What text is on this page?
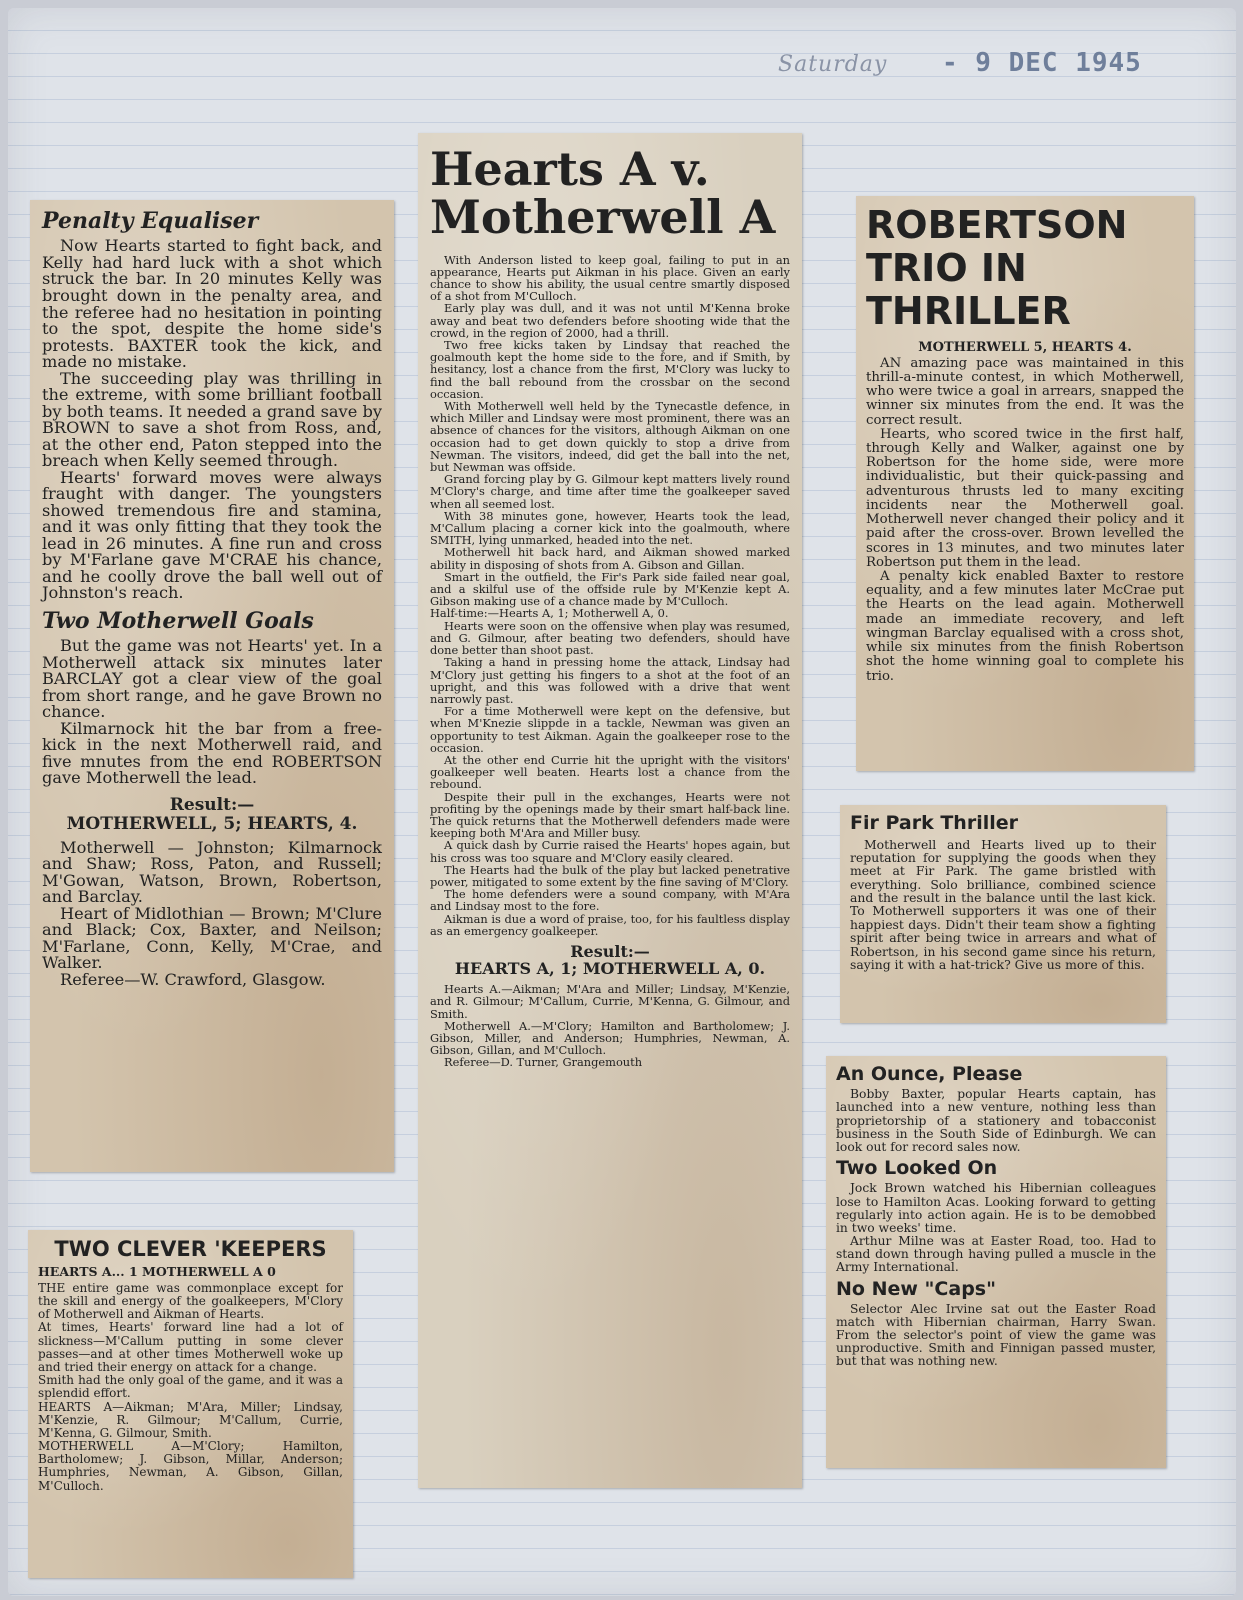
Saturday - 9 DEC 1945
Penalty Equaliser

Now Hearts started to fight back, and Kelly had hard luck with a shot which struck the bar. In 20 minutes Kelly was brought down in the penalty area, and the referee had no hesitation in pointing to the spot, despite the home side's protests. BAXTER took the kick, and made no mistake.

The succeeding play was thrilling in the extreme, with some brilliant football by both teams. It needed a grand save by BROWN to save a shot from Ross, and, at the other end, Paton stepped into the breach when Kelly seemed through.

Hearts' forward moves were always fraught with danger. The youngsters showed tremendous fire and stamina, and it was only fitting that they took the lead in 26 minutes. A fine run and cross by M'Farlane gave M'CRAE his chance, and he coolly drove the ball well out of Johnston's reach.

Two Motherwell Goals

But the game was not Hearts' yet. In a Motherwell attack six minutes later BARCLAY got a clear view of the goal from short range, and he gave Brown no chance.

Kilmarnock hit the bar from a free-kick in the next Motherwell raid, and five mnutes from the end ROBERTSON gave Motherwell the lead.

Result:—

MOTHERWELL, 5; HEARTS, 4.

Motherwell — Johnston; Kilmarnock and Shaw; Ross, Paton, and Russell; M'Gowan, Watson, Brown, Robertson, and Barclay.

Heart of Midlothian — Brown; M'Clure and Black; Cox, Baxter, and Neilson; M'Farlane, Conn, Kelly, M'Crae, and Walker.

Referee—W. Crawford, Glasgow.

TWO CLEVER 'KEEPERS
HEARTS A... 1 MOTHERWELL A 0

THE entire game was commonplace except for the skill and energy of the goalkeepers, M'Clory of Motherwell and Aikman of Hearts.

At times, Hearts' forward line had a lot of slickness—M'Callum putting in some clever passes—and at other times Motherwell woke up and tried their energy on attack for a change.

Smith had the only goal of the game, and it was a splendid effort.

HEARTS A—Aikman; M'Ara, Miller; Lindsay, M'Kenzie, R. Gilmour; M'Callum, Currie, M'Kenna, G. Gilmour, Smith.

MOTHERWELL A—M'Clory; Hamilton, Bartholomew; J. Gibson, Millar, Anderson; Humphries, Newman, A. Gibson, Gillan, M'Culloch.

Hearts A v. Motherwell A

With Anderson listed to keep goal, failing to put in an appearance, Hearts put Aikman in his place. Given an early chance to show his ability, the usual centre smartly disposed of a shot from M'Culloch.

Early play was dull, and it was not until M'Kenna broke away and beat two defenders before shooting wide that the crowd, in the region of 2000, had a thrill.

Two free kicks taken by Lindsay that reached the goalmouth kept the home side to the fore, and if Smith, by hesitancy, lost a chance from the first, M'Clory was lucky to find the ball rebound from the crossbar on the second occasion.

With Motherwell well held by the Tynecastle defence, in which Miller and Lindsay were most prominent, there was an absence of chances for the visitors, although Aikman on one occasion had to get down quickly to stop a drive from Newman. The visitors, indeed, did get the ball into the net, but Newman was offside.

Grand forcing play by G. Gilmour kept matters lively round M'Clory's charge, and time after time the goalkeeper saved when all seemed lost.

With 38 minutes gone, however, Hearts took the lead, M'Callum placing a corner kick into the goalmouth, where SMITH, lying unmarked, headed into the net.

Motherwell hit back hard, and Aikman showed marked ability in disposing of shots from A. Gibson and Gillan.

Smart in the outfield, the Fir's Park side failed near goal, and a skilful use of the offside rule by M'Kenzie kept A. Gibson making use of a chance made by M'Culloch.

Half-time:—Hearts A, 1; Motherwell A, 0.

Hearts were soon on the offensive when play was resumed, and G. Gilmour, after beating two defenders, should have done better than shoot past.

Taking a hand in pressing home the attack, Lindsay had M'Clory just getting his fingers to a shot at the foot of an upright, and this was followed with a drive that went narrowly past.

For a time Motherwell were kept on the defensive, but when M'Knezie slippde in a tackle, Newman was given an opportunity to test Aikman. Again the goalkeeper rose to the occasion.

At the other end Currie hit the upright with the visitors' goalkeeper well beaten. Hearts lost a chance from the rebound.

Despite their pull in the exchanges, Hearts were not profiting by the openings made by their smart half-back line. The quick returns that the Motherwell defenders made were keeping both M'Ara and Miller busy.

A quick dash by Currie raised the Hearts' hopes again, but his cross was too square and M'Clory easily cleared.

The Hearts had the bulk of the play but lacked penetrative power, mitigated to some extent by the fine saving of M'Clory.

The home defenders were a sound company, with M'Ara and Lindsay most to the fore.

Aikman is due a word of praise, too, for his faultless display as an emergency goalkeeper.

Result:—

HEARTS A, 1; MOTHERWELL A, 0.

Hearts A.—Aikman; M'Ara and Miller; Lindsay, M'Kenzie, and R. Gilmour; M'Callum, Currie, M'Kenna, G. Gilmour, and Smith.

Motherwell A.—M'Clory; Hamilton and Bartholomew; J. Gibson, Miller, and Anderson; Humphries, Newman, A. Gibson, Gillan, and M'Culloch.

Referee—D. Turner, Grangemouth

ROBERTSON TRIO IN THRILLER
MOTHERWELL 5, HEARTS 4.

AN amazing pace was maintained in this thrill-a-minute contest, in which Motherwell, who were twice a goal in arrears, snapped the winner six minutes from the end. It was the correct result.

Hearts, who scored twice in the first half, through Kelly and Walker, against one by Robertson for the home side, were more individualistic, but their quick-passing and adventurous thrusts led to many exciting incidents near the Motherwell goal. Motherwell never changed their policy and it paid after the cross-over. Brown levelled the scores in 13 minutes, and two minutes later Robertson put them in the lead.

A penalty kick enabled Baxter to restore equality, and a few minutes later McCrae put the Hearts on the lead again. Motherwell made an immediate recovery, and left wingman Barclay equalised with a cross shot, while six minutes from the finish Robertson shot the home winning goal to complete his trio.

Fir Park Thriller

Motherwell and Hearts lived up to their reputation for supplying the goods when they meet at Fir Park. The game bristled with everything. Solo brilliance, combined science and the result in the balance until the last kick. To Motherwell supporters it was one of their happiest days. Didn't their team show a fighting spirit after being twice in arrears and what of Robertson, in his second game since his return, saying it with a hat-trick? Give us more of this.

An Ounce, Please

Bobby Baxter, popular Hearts captain, has launched into a new venture, nothing less than proprietorship of a stationery and tobacconist business in the South Side of Edinburgh. We can look out for record sales now.

Two Looked On

Jock Brown watched his Hibernian colleagues lose to Hamilton Acas. Looking forward to getting regularly into action again. He is to be demobbed in two weeks' time.

Arthur Milne was at Easter Road, too. Had to stand down through having pulled a muscle in the Army International.

No New "Caps"

Selector Alec Irvine sat out the Easter Road match with Hibernian chairman, Harry Swan. From the selector's point of view the game was unproductive. Smith and Finnigan passed muster, but that was nothing new.
